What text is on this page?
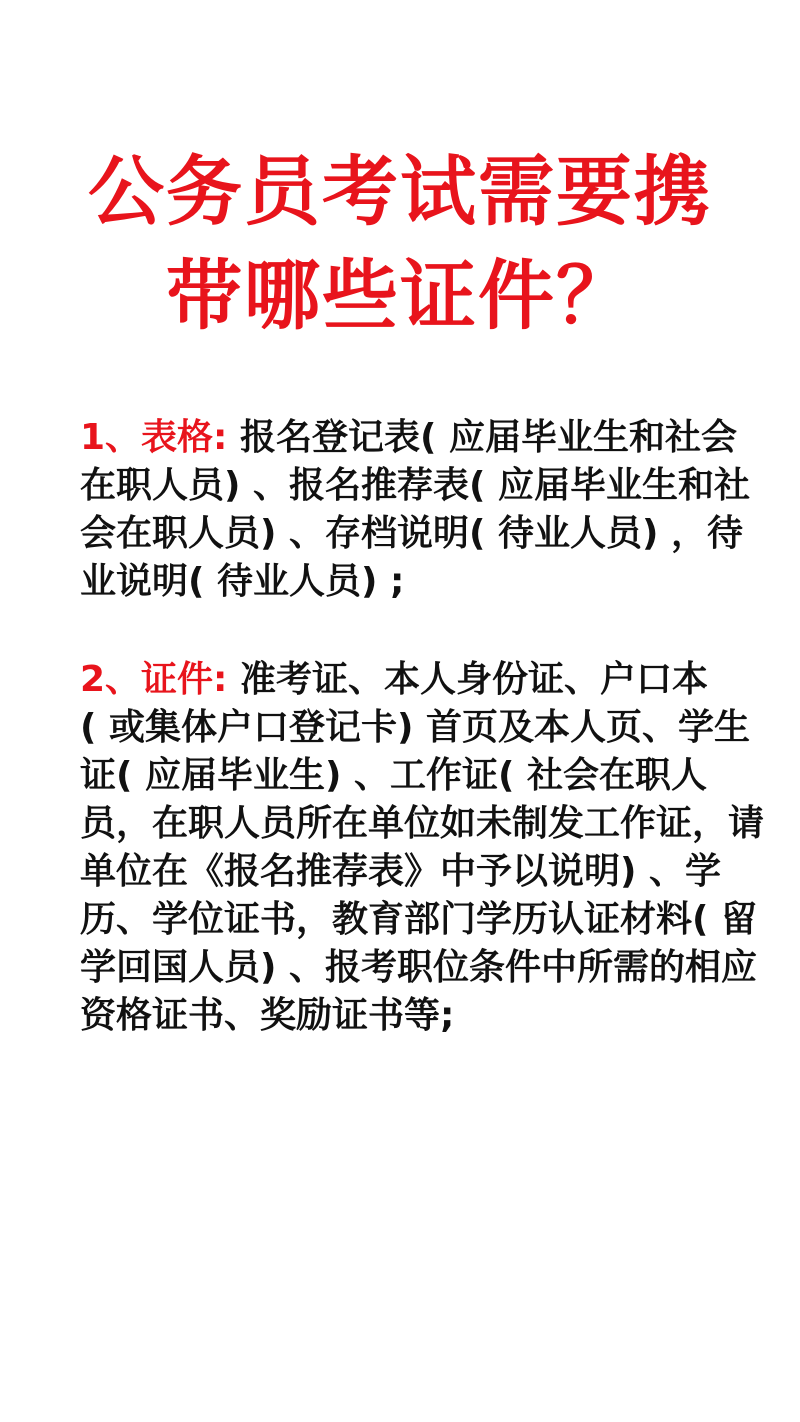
公务员考试需要携
带哪些证件？
1、表格: 报名登记表( 应届毕业生和社会
在职人员) 、报名推荐表( 应届毕业生和社
会在职人员) 、存档说明( 待业人员) ，待
业说明( 待业人员) ;
2、证件: 准考证、本人身份证、户口本
( 或集体户口登记卡) 首页及本人页、学生
证( 应届毕业生) 、工作证( 社会在职人
员，在职人员所在单位如未制发工作证，请
单位在《报名推荐表》中予以说明) 、学
历、学位证书，教育部门学历认证材料( 留
学回国人员) 、报考职位条件中所需的相应
资格证书、奖励证书等;
